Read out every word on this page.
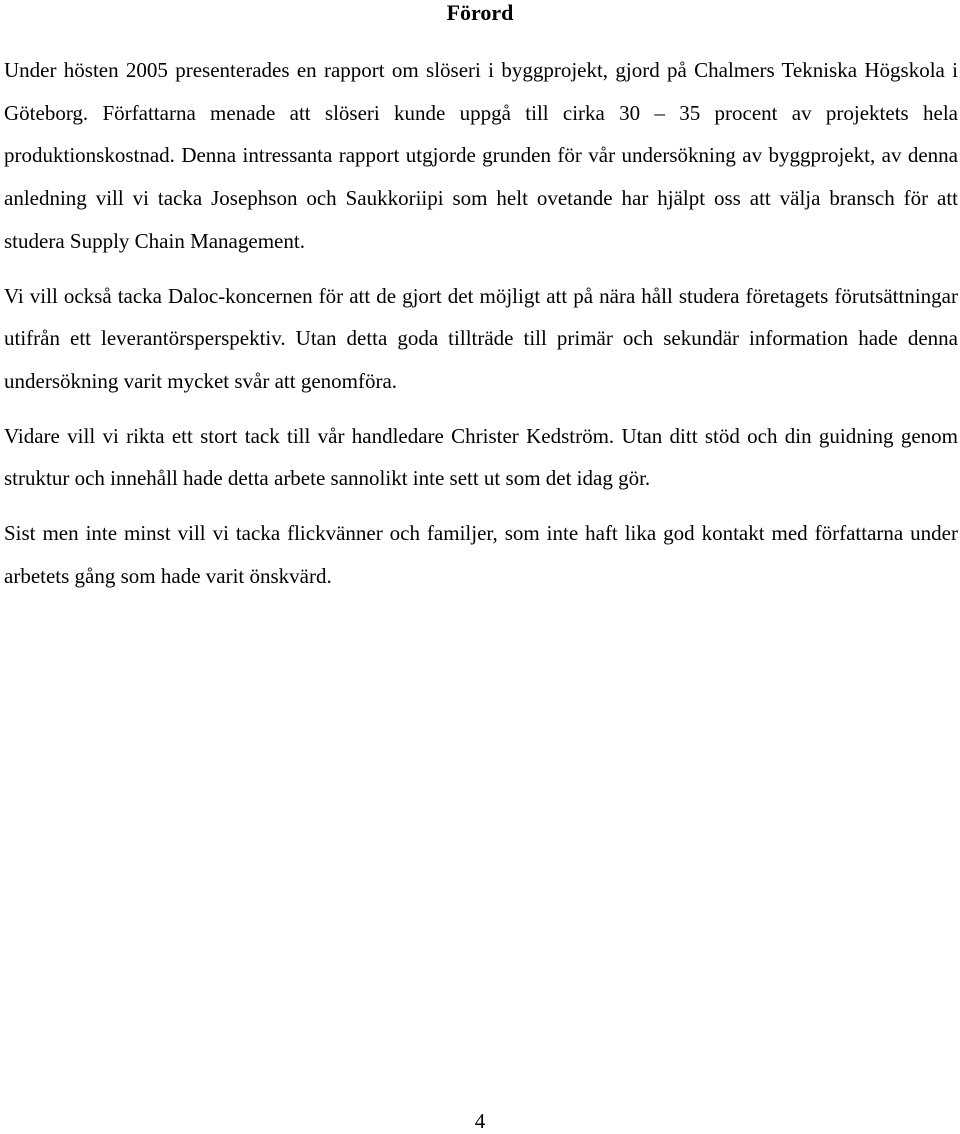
Förord

Under hösten 2005 presenterades en rapport om slöseri i byggprojekt, gjord på Chalmers Tekniska Högskola i Göteborg. Författarna menade att slöseri kunde uppgå till cirka 30 – 35 procent av projektets hela produktionskostnad. Denna intressanta rapport utgjorde grunden för vår undersökning av byggprojekt, av denna anledning vill vi tacka Josephson och Saukkoriipi som helt ovetande har hjälpt oss att välja bransch för att studera Supply Chain Management.

Vi vill också tacka Daloc-koncernen för att de gjort det möjligt att på nära håll studera företagets förutsättningar utifrån ett leverantörsperspektiv. Utan detta goda tillträde till primär och sekundär information hade denna undersökning varit mycket svår att genomföra.

Vidare vill vi rikta ett stort tack till vår handledare Christer Kedström. Utan ditt stöd och din guidning genom struktur och innehåll hade detta arbete sannolikt inte sett ut som det idag gör.

Sist men inte minst vill vi tacka flickvänner och familjer, som inte haft lika god kontakt med författarna under arbetets gång som hade varit önskvärd.

4
